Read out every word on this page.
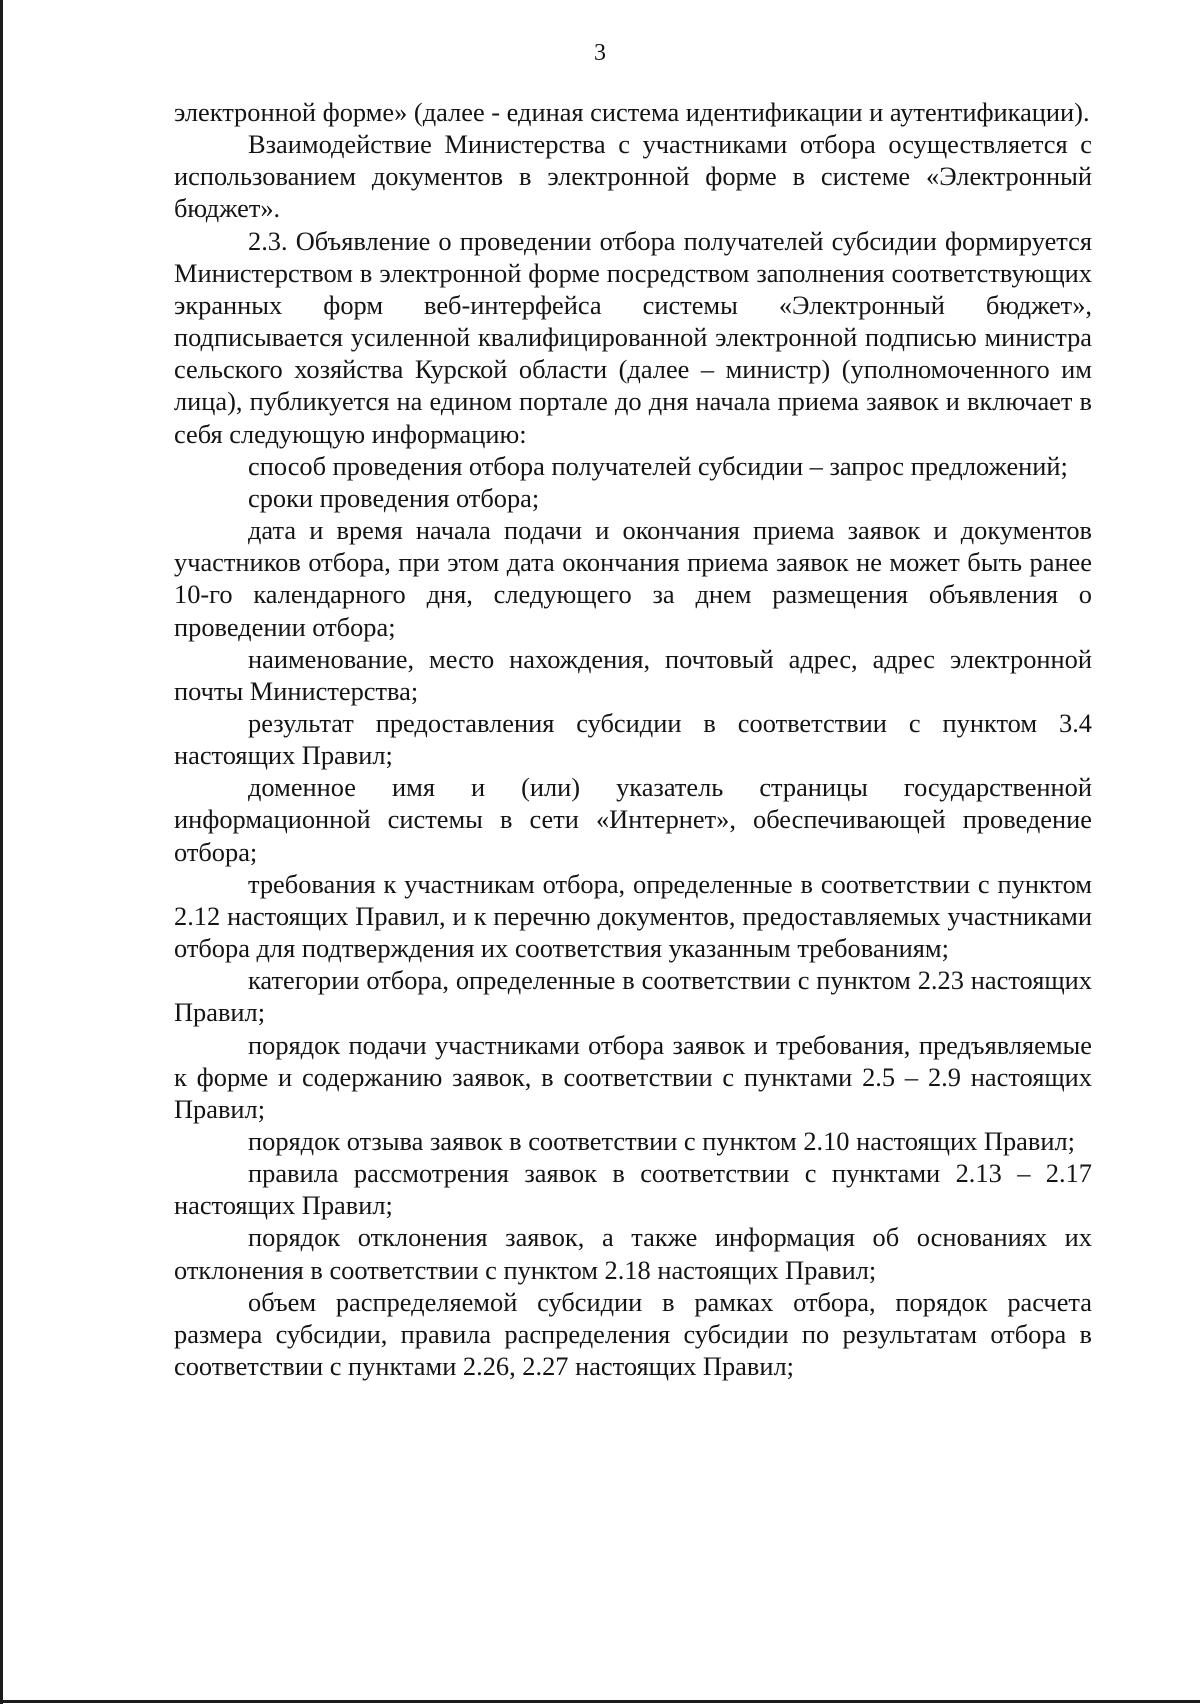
3

электронной форме» (далее - единая система идентификации и аутентификации).

Взаимодействие Министерства с участниками отбора осуществляется с использованием документов в электронной форме в системе «Электронный бюджет».

2.3. Объявление о проведении отбора получателей субсидии формируется Министерством в электронной форме посредством заполнения соответствующих экранных форм веб-интерфейса системы «Электронный бюджет», подписывается усиленной квалифицированной электронной подписью министра сельского хозяйства Курской области (далее – министр) (уполномоченного им лица), публикуется на едином портале до дня начала приема заявок и включает в себя следующую информацию:

способ проведения отбора получателей субсидии – запрос предложений;

сроки проведения отбора;

дата и время начала подачи и окончания приема заявок и документов участников отбора, при этом дата окончания приема заявок не может быть ранее 10-го календарного дня, следующего за днем размещения объявления о проведении отбора;

наименование, место нахождения, почтовый адрес, адрес электронной почты Министерства;

результат предоставления субсидии в соответствии с пунктом 3.4 настоящих Правил;

доменное имя и (или) указатель страницы государственной информационной системы в сети «Интернет», обеспечивающей проведение отбора;

требования к участникам отбора, определенные в соответствии с пунктом 2.12 настоящих Правил, и к перечню документов, предоставляемых участниками отбора для подтверждения их соответствия указанным требованиям;

категории отбора, определенные в соответствии с пунктом 2.23 настоящих Правил;

порядок подачи участниками отбора заявок и требования, предъявляемые к форме и содержанию заявок, в соответствии с пунктами 2.5 – 2.9 настоящих Правил;

порядок отзыва заявок в соответствии с пунктом 2.10 настоящих Правил;

правила рассмотрения заявок в соответствии с пунктами 2.13 – 2.17 настоящих Правил;

порядок отклонения заявок, а также информация об основаниях их отклонения в соответствии с пунктом 2.18 настоящих Правил;

объем распределяемой субсидии в рамках отбора, порядок расчета размера субсидии, правила распределения субсидии по результатам отбора в соответствии с пунктами 2.26, 2.27 настоящих Правил;
